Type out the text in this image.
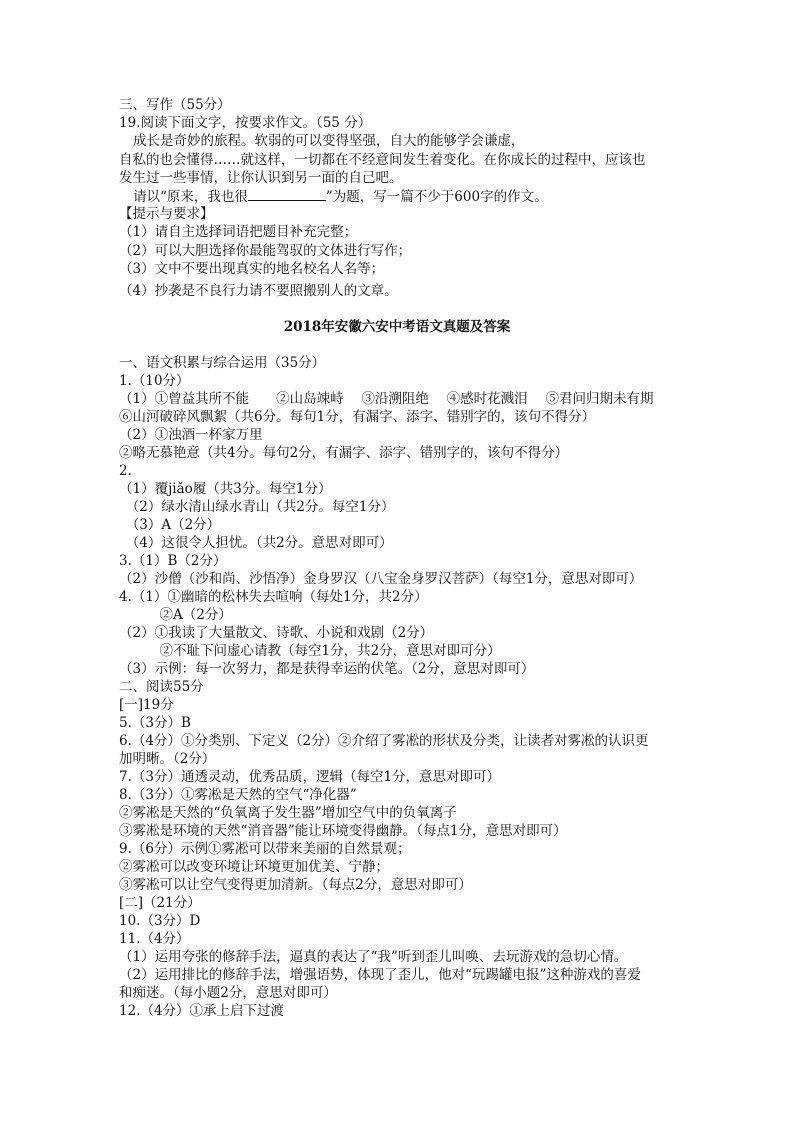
三、写作（55分）
19.阅读下面文字，按要求作文。（55 分）
成长是奇妙的旅程。软弱的可以变得坚强，自大的能够学会谦虚，
自私的也会懂得……就这样，一切都在不经意间发生着变化。在你成长的过程中，应该也
发生过一些事情，让你认识到另一面的自己吧。
请以“原来，我也很	”为题，写一篇不少于600字的作文。
【提示与要求】
（1）请自主选择词语把题目补充完整；
（2）可以大胆选择你最能驾驭的文体进行写作；
（3）文中不要出现真实的地名校名人名等；
（4）抄袭是不良行力请不要照搬别人的文章。
2018年安徽六安中考语文真题及答案
一、语文积累与综合运用（35分）
1.（10分）
（1）①曾益其所不能　　②山岛竦峙　 ③沿溯阻绝　 ④感时花溅泪　 ⑤君问归期未有期
⑥山河破碎风飘絮（共6分。每句1分，有漏字、添字、错别字的，该句不得分）
（2）①浊酒一杯家万里
②略无慕艳意（共4分。每句2分，有漏字、添字、错别字的，该句不得分）
2.
（1）覆jiǎo履（共3分。每空1分）
　（2）绿水清山绿水青山（共2分。每空1分）
　（3）A（2分）
　（4）这很令人担忧。（共2分。意思对即可）
3.（1）B（2分）
（2）沙僧（沙和尚、沙悟净）金身罗汉（八宝金身罗汉菩萨）（每空1分，意思对即可）
4.（1）①幽暗的松林失去喧响（每处1分，共2分）
　　　②A（2分）
（2）①我读了大量散文、诗歌、小说和戏剧（2分）
　　　②不耻下问虚心请教（每空1分，共2分，意思对即可分）
（3）示例：每一次努力，都是获得幸运的伏笔。（2分，意思对即可）
二、阅读55分
[一]19分
5.（3分）B
6.（4分）①分类别、下定义（2分）②介绍了雾凇的形状及分类，让读者对雾凇的认识更
加明晰。（2分）
7.（3分）通透灵动，优秀品质，逻辑（每空1分，意思对即可）
8.（3分）①雾凇是天然的空气“净化器”
②雾凇是天然的“负氧离子发生器”增加空气中的负氧离子
③雾凇是环境的天然“消音器”能让环境变得幽静。（每点1分，意思对即可）
9.（6分）示例①雾凇可以带来美丽的自然景观；
②雾凇可以改变环境让环境更加优美、宁静；
③雾凇可以让空气变得更加清新。（每点2分，意思对即可）
[二]（21分）
10.（3分）D
11.（4分）
（1）运用夸张的修辞手法，逼真的表达了“我”听到歪儿叫唤、去玩游戏的急切心情。
（2）运用排比的修辞手法，增强语势，体现了歪儿，他对“玩踢罐电报”这种游戏的喜爱
和痴迷。（每小题2分，意思对即可）
12.（4分）①承上启下过渡
